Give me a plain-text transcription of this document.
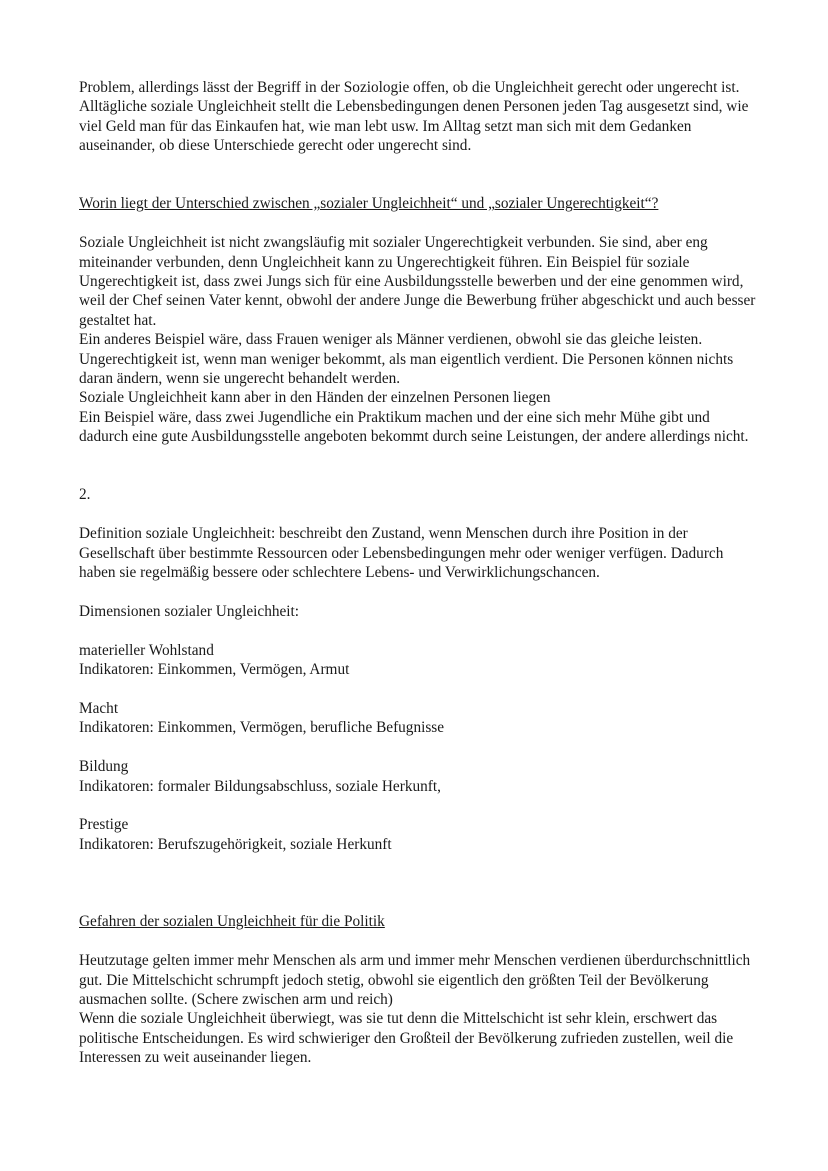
Problem, allerdings lässt der Begriff in der Soziologie offen, ob die Ungleichheit gerecht oder ungerecht ist. Alltägliche soziale Ungleichheit stellt die Lebensbedingungen denen Personen jeden Tag ausgesetzt sind, wie viel Geld man für das Einkaufen hat, wie man lebt usw. Im Alltag setzt man sich mit dem Gedanken auseinander, ob diese Unterschiede gerecht oder ungerecht sind.

Worin liegt der Unterschied zwischen „sozialer Ungleichheit“ und „sozialer Ungerechtigkeit“?

Soziale Ungleichheit ist nicht zwangsläufig mit sozialer Ungerechtigkeit verbunden. Sie sind, aber eng miteinander verbunden, denn Ungleichheit kann zu Ungerechtigkeit führen. Ein Beispiel für soziale Ungerechtigkeit ist, dass zwei Jungs sich für eine Ausbildungsstelle bewerben und der eine genommen wird, weil der Chef seinen Vater kennt, obwohl der andere Junge die Bewerbung früher abgeschickt und auch besser gestaltet hat.

Ein anderes Beispiel wäre, dass Frauen weniger als Männer verdienen, obwohl sie das gleiche leisten. Ungerechtigkeit ist, wenn man weniger bekommt, als man eigentlich verdient. Die Personen können nichts daran ändern, wenn sie ungerecht behandelt werden.

Soziale Ungleichheit kann aber in den Händen der einzelnen Personen liegen

Ein Beispiel wäre, dass zwei Jugendliche ein Praktikum machen und der eine sich mehr Mühe gibt und dadurch eine gute Ausbildungsstelle angeboten bekommt durch seine Leistungen, der andere allerdings nicht.

2.

Definition soziale Ungleichheit: beschreibt den Zustand, wenn Menschen durch ihre Position in der Gesellschaft über bestimmte Ressourcen oder Lebensbedingungen mehr oder weniger verfügen. Dadurch haben sie regelmäßig bessere oder schlechtere Lebens- und Verwirklichungschancen.

Dimensionen sozialer Ungleichheit:

materieller Wohlstand

Indikatoren: Einkommen, Vermögen, Armut

Macht

Indikatoren: Einkommen, Vermögen, berufliche Befugnisse

Bildung

Indikatoren: formaler Bildungsabschluss, soziale Herkunft,

Prestige

Indikatoren: Berufszugehörigkeit, soziale Herkunft

Gefahren der sozialen Ungleichheit für die Politik

Heutzutage gelten immer mehr Menschen als arm und immer mehr Menschen verdienen überdurchschnittlich gut. Die Mittelschicht schrumpft jedoch stetig, obwohl sie eigentlich den größten Teil der Bevölkerung ausmachen sollte. (Schere zwischen arm und reich)

Wenn die soziale Ungleichheit überwiegt, was sie tut denn die Mittelschicht ist sehr klein, erschwert das politische Entscheidungen. Es wird schwieriger den Großteil der Bevölkerung zufrieden zustellen, weil die Interessen zu weit auseinander liegen.
